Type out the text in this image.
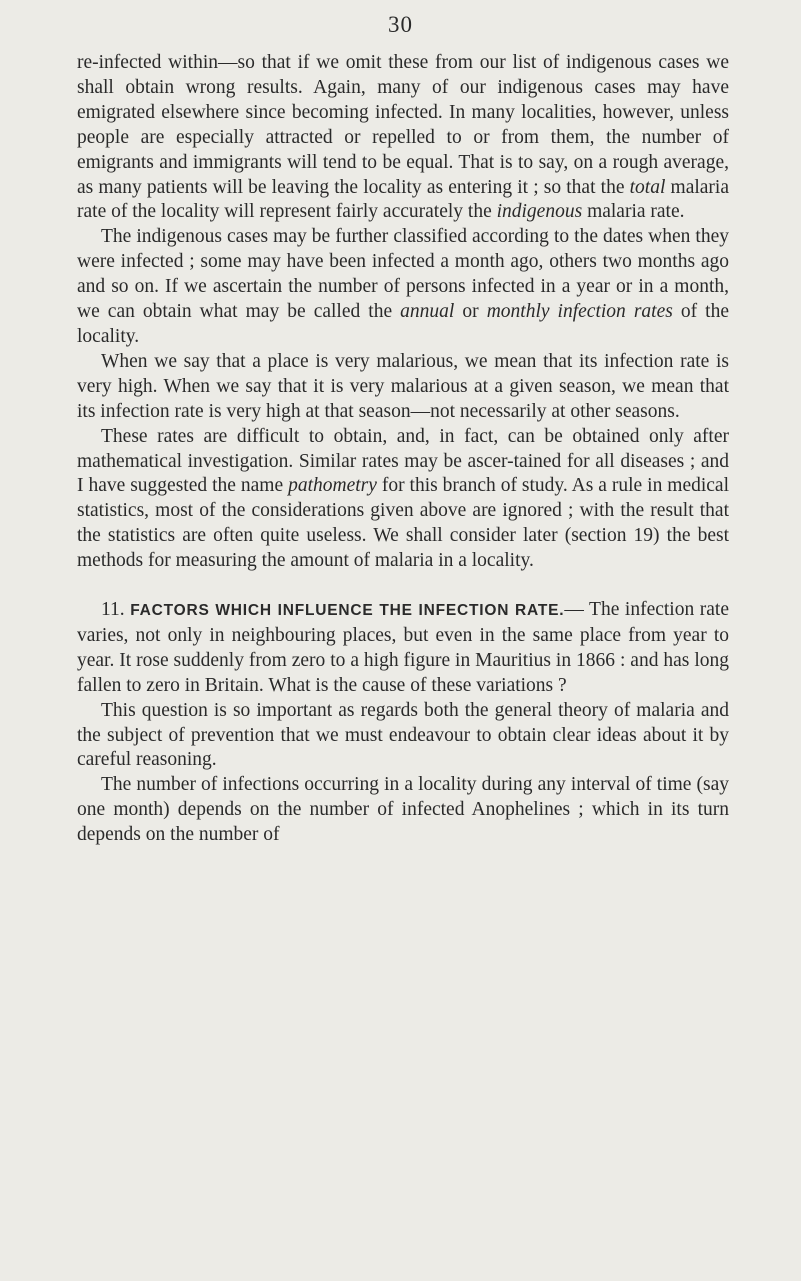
30

re-infected within—so that if we omit these from our list of indigenous cases we shall obtain wrong results. Again, many of our indigenous cases may have emigrated elsewhere since becoming infected. In many localities, however, unless people are especially attracted or repelled to or from them, the number of emigrants and immigrants will tend to be equal. That is to say, on a rough average, as many patients will be leaving the locality as entering it ; so that the total malaria rate of the locality will represent fairly accurately the indigenous malaria rate.

The indigenous cases may be further classified according to the dates when they were infected ; some may have been infected a month ago, others two months ago and so on. If we ascertain the number of persons infected in a year or in a month, we can obtain what may be called the annual or monthly infection rates of the locality.

When we say that a place is very malarious, we mean that its infection rate is very high. When we say that it is very malarious at a given season, we mean that its infection rate is very high at that season—not necessarily at other seasons.

These rates are difficult to obtain, and, in fact, can be obtained only after mathematical investigation. Similar rates may be ascer-tained for all diseases ; and I have suggested the name pathometry for this branch of study. As a rule in medical statistics, most of the considerations given above are ignored ; with the result that the statistics are often quite useless. We shall consider later (section 19) the best methods for measuring the amount of malaria in a locality.

11. FACTORS WHICH INFLUENCE THE INFECTION RATE.— The infection rate varies, not only in neighbouring places, but even in the same place from year to year. It rose suddenly from zero to a high figure in Mauritius in 1866 : and has long fallen to zero in Britain. What is the cause of these variations ?

This question is so important as regards both the general theory of malaria and the subject of prevention that we must endeavour to obtain clear ideas about it by careful reasoning.

The number of infections occurring in a locality during any interval of time (say one month) depends on the number of infected Anophelines ; which in its turn depends on the number of
